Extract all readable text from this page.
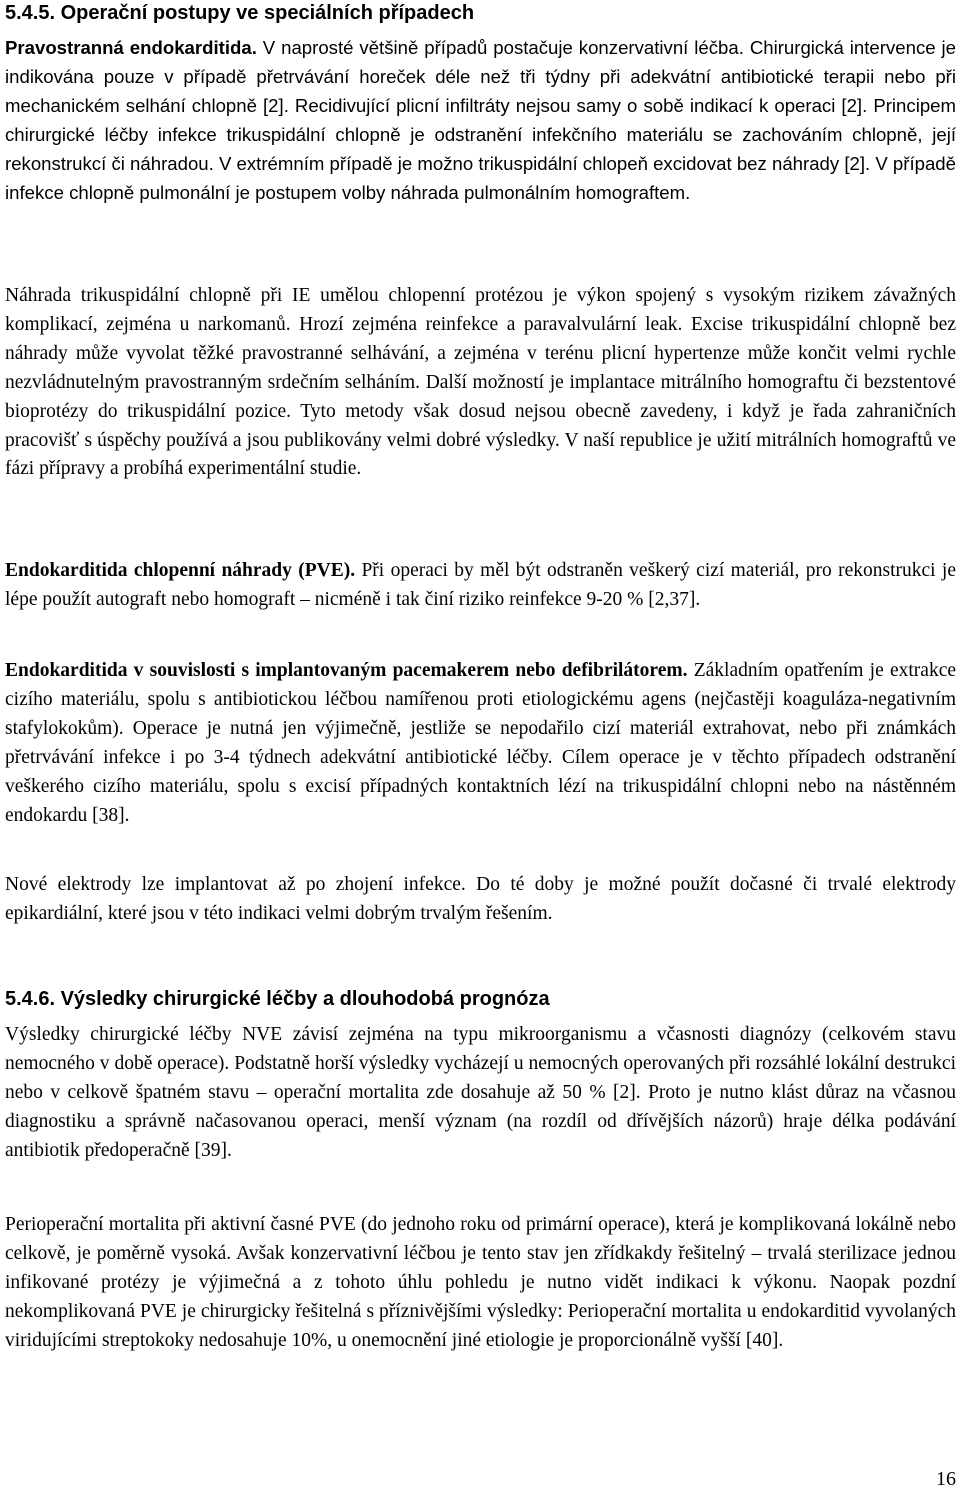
5.4.5. Operační postupy ve speciálních případech

Pravostranná endokarditida. V naprosté většině případů postačuje konzervativní léčba. Chirurgická intervence je indikována pouze v případě přetrvávání horeček déle než tři týdny při adekvátní antibiotické terapii nebo při mechanickém selhání chlopně [2]. Recidivující plicní infiltráty nejsou samy o sobě indikací k operaci [2]. Principem chirurgické léčby infekce trikuspidální chlopně je odstranění infekčního materiálu se zachováním chlopně, její rekonstrukcí či náhradou. V extrémním případě je možno trikuspidální chlopeň excidovat bez náhrady [2]. V případě infekce chlopně pulmonální je postupem volby náhrada pulmonálním homograftem.

Náhrada trikuspidální chlopně při IE umělou chlopenní protézou je výkon spojený s vysokým rizikem závažných komplikací, zejména u narkomanů. Hrozí zejména reinfekce a paravalvulární leak. Excise trikuspidální chlopně bez náhrady může vyvolat těžké pravostranné selhávání, a zejména v terénu plicní hypertenze může končit velmi rychle nezvládnutelným pravostranným srdečním selháním. Další možností je implantace mitrálního homograftu či bezstentové bioprotézy do trikuspidální pozice. Tyto metody však dosud nejsou obecně zavedeny, i když je řada zahraničních pracovišť s úspěchy používá a jsou publikovány velmi dobré výsledky. V naší republice je užití mitrálních homograftů ve fázi přípravy a probíhá experimentální studie.

Endokarditida chlopenní náhrady (PVE). Při operaci by měl být odstraněn veškerý cizí materiál, pro rekonstrukci je lépe použít autograft nebo homograft – nicméně i tak činí riziko reinfekce 9-20 % [2,37].

Endokarditida v souvislosti s implantovaným pacemakerem nebo defibrilátorem. Základním opatřením je extrakce cizího materiálu, spolu s antibiotickou léčbou namířenou proti etiologickému agens (nejčastěji koaguláza-negativním stafylokokům). Operace je nutná jen výjimečně, jestliže se nepodařilo cizí materiál extrahovat, nebo při známkách přetrvávání infekce i po 3-4 týdnech adekvátní antibiotické léčby. Cílem operace je v těchto případech odstranění veškerého cizího materiálu, spolu s excisí případných kontaktních lézí na trikuspidální chlopni nebo na nástěnném endokardu [38].

Nové elektrody lze implantovat až po zhojení infekce. Do té doby je možné použít dočasné či trvalé elektrody epikardiální, které jsou v této indikaci velmi dobrým trvalým řešením.

5.4.6. Výsledky chirurgické léčby a dlouhodobá prognóza

Výsledky chirurgické léčby NVE závisí zejména na typu mikroorganismu a včasnosti diagnózy (celkovém stavu nemocného v době operace). Podstatně horší výsledky vycházejí u nemocných operovaných při rozsáhlé lokální destrukci nebo v celkově špatném stavu – operační mortalita zde dosahuje až 50 % [2]. Proto je nutno klást důraz na včasnou diagnostiku a správně načasovanou operaci, menší význam (na rozdíl od dřívějších názorů) hraje délka podávání antibiotik předoperačně [39].

Perioperační mortalita při aktivní časné PVE (do jednoho roku od primární operace), která je komplikovaná lokálně nebo celkově, je poměrně vysoká. Avšak konzervativní léčbou je tento stav jen zřídkakdy řešitelný – trvalá sterilizace jednou infikované protézy je výjimečná a z tohoto úhlu pohledu je nutno vidět indikaci k výkonu. Naopak pozdní nekomplikovaná PVE je chirurgicky řešitelná s příznivějšími výsledky: Perioperační mortalita u endokarditid vyvolaných viridujícími streptokoky nedosahuje 10%, u onemocnění jiné etiologie je proporcionálně vyšší [40].

16
